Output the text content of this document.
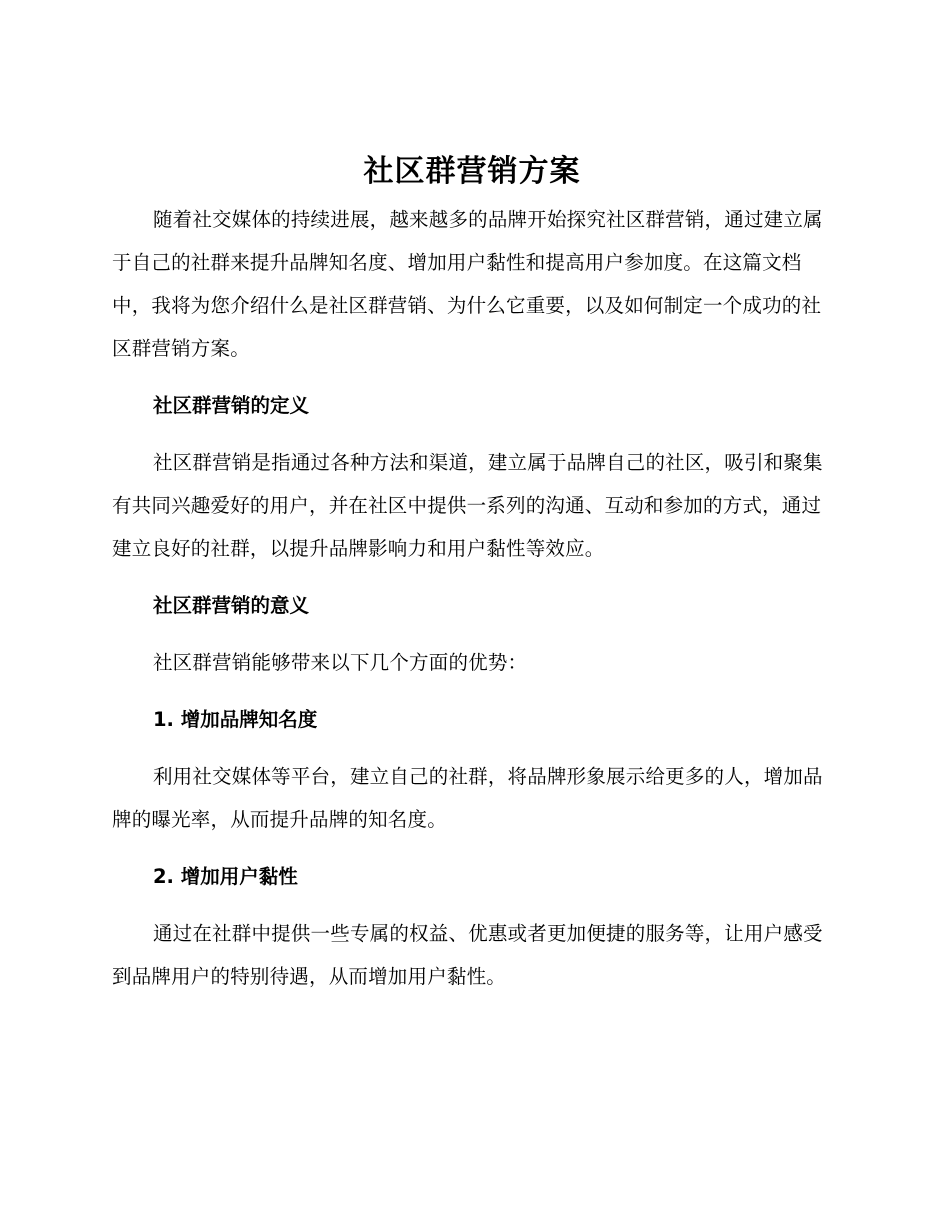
社区群营销方案

随着社交媒体的持续进展，越来越多的品牌开始探究社区群营销，通过建立属于自己的社群来提升品牌知名度、增加用户黏性和提高用户参加度。在这篇文档中，我将为您介绍什么是社区群营销、为什么它重要，以及如何制定一个成功的社区群营销方案。

社区群营销的定义

社区群营销是指通过各种方法和渠道，建立属于品牌自己的社区，吸引和聚集有共同兴趣爱好的用户，并在社区中提供一系列的沟通、互动和参加的方式，通过建立良好的社群，以提升品牌影响力和用户黏性等效应。

社区群营销的意义

社区群营销能够带来以下几个方面的优势：

1. 增加品牌知名度

利用社交媒体等平台，建立自己的社群，将品牌形象展示给更多的人，增加品牌的曝光率，从而提升品牌的知名度。

2. 增加用户黏性

通过在社群中提供一些专属的权益、优惠或者更加便捷的服务等，让用户感受到品牌用户的特别待遇，从而增加用户黏性。
